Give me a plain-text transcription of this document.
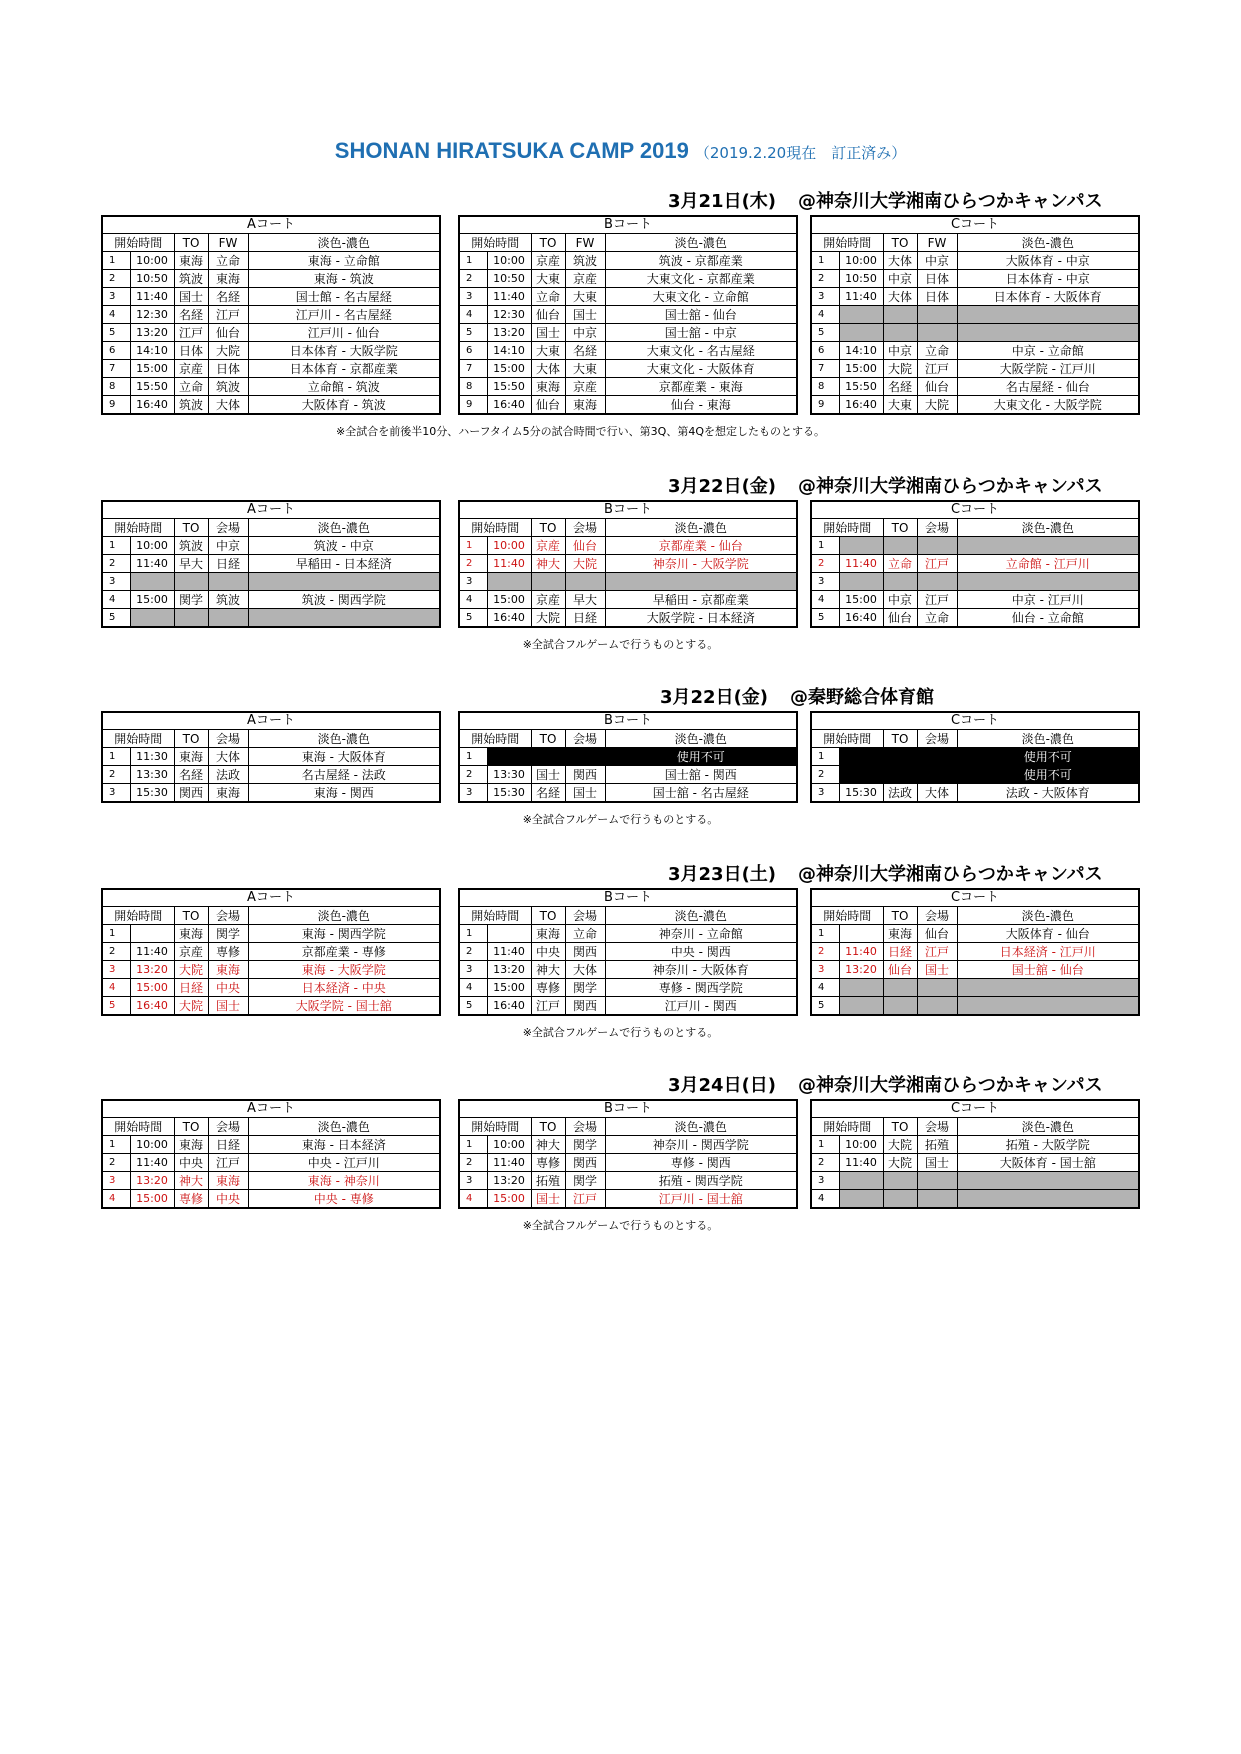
SHONAN HIRATSUKA CAMP 2019 （2019.2.20現在　訂正済み）
3月21日(木) @神奈川大学湘南ひらつかキャンパス
Aコート				
開始時間		TO	FW	淡色-濃色
1	10:00	東海	立命	東海 - 立命館
2	10:50	筑波	東海	東海 - 筑波
3	11:40	国士	名経	国士館 - 名古屋経
4	12:30	名経	江戸	江戸川 - 名古屋経
5	13:20	江戸	仙台	江戸川 - 仙台
6	14:10	日体	大院	日本体育 - 大阪学院
7	15:00	京産	日体	日本体育 - 京都産業
8	15:50	立命	筑波	立命館 - 筑波
9	16:40	筑波	大体	大阪体育 - 筑波
Bコート				
開始時間		TO	FW	淡色-濃色
1	10:00	京産	筑波	筑波 - 京都産業
2	10:50	大東	京産	大東文化 - 京都産業
3	11:40	立命	大東	大東文化 - 立命館
4	12:30	仙台	国士	国士舘 - 仙台
5	13:20	国士	中京	国士舘 - 中京
6	14:10	大東	名経	大東文化 - 名古屋経
7	15:00	大体	大東	大東文化 - 大阪体育
8	15:50	東海	京産	京都産業 - 東海
9	16:40	仙台	東海	仙台 - 東海
Cコート				
開始時間		TO	FW	淡色-濃色
1	10:00	大体	中京	大阪体育 - 中京
2	10:50	中京	日体	日本体育 - 中京
3	11:40	大体	日体	日本体育 - 大阪体育
4				
5				
6	14:10	中京	立命	中京 - 立命館
7	15:00	大院	江戸	大阪学院 - 江戸川
8	15:50	名経	仙台	名古屋経 - 仙台
9	16:40	大東	大院	大東文化 - 大阪学院
※全試合を前後半10分、ハーフタイム5分の試合時間で行い、第3Q、第4Qを想定したものとする。
3月22日(金) @神奈川大学湘南ひらつかキャンパス
Aコート				
開始時間		TO	会場	淡色-濃色
1	10:00	筑波	中京	筑波 - 中京
2	11:40	早大	日経	早稲田 - 日本経済
3				
4	15:00	関学	筑波	筑波 - 関西学院
5				
Bコート				
開始時間		TO	会場	淡色-濃色
1	10:00	京産	仙台	京都産業 - 仙台
2	11:40	神大	大院	神奈川 - 大阪学院
3				
4	15:00	京産	早大	早稲田 - 京都産業
5	16:40	大院	日経	大阪学院 - 日本経済
Cコート				
開始時間		TO	会場	淡色-濃色
1				
2	11:40	立命	江戸	立命館 - 江戸川
3				
4	15:00	中京	江戸	中京 - 江戸川
5	16:40	仙台	立命	仙台 - 立命館
※全試合フルゲームで行うものとする。
3月22日(金) @秦野総合体育館
Aコート				
開始時間		TO	会場	淡色-濃色
1	11:30	東海	大体	東海 - 大阪体育
2	13:30	名経	法政	名古屋経 - 法政
3	15:30	関西	東海	東海 - 関西
Bコート				
開始時間		TO	会場	淡色-濃色
1				使用不可
2	13:30	国士	関西	国士舘 - 関西
3	15:30	名経	国士	国士舘 - 名古屋経
Cコート				
開始時間		TO	会場	淡色-濃色
1				使用不可
2				使用不可
3	15:30	法政	大体	法政 - 大阪体育
※全試合フルゲームで行うものとする。
3月23日(土) @神奈川大学湘南ひらつかキャンパス
Aコート				
開始時間		TO	会場	淡色-濃色
1		東海	関学	東海 - 関西学院
2	11:40	京産	専修	京都産業 - 専修
3	13:20	大院	東海	東海 - 大阪学院
4	15:00	日経	中央	日本経済 - 中央
5	16:40	大院	国士	大阪学院 - 国士舘
Bコート				
開始時間		TO	会場	淡色-濃色
1		東海	立命	神奈川 - 立命館
2	11:40	中央	関西	中央 - 関西
3	13:20	神大	大体	神奈川 - 大阪体育
4	15:00	専修	関学	専修 - 関西学院
5	16:40	江戸	関西	江戸川 - 関西
Cコート				
開始時間		TO	会場	淡色-濃色
1		東海	仙台	大阪体育 - 仙台
2	11:40	日経	江戸	日本経済 - 江戸川
3	13:20	仙台	国士	国士舘 - 仙台
4				
5				
※全試合フルゲームで行うものとする。
3月24日(日) @神奈川大学湘南ひらつかキャンパス
Aコート				
開始時間		TO	会場	淡色-濃色
1	10:00	東海	日経	東海 - 日本経済
2	11:40	中央	江戸	中央 - 江戸川
3	13:20	神大	東海	東海 - 神奈川
4	15:00	専修	中央	中央 - 専修
Bコート				
開始時間		TO	会場	淡色-濃色
1	10:00	神大	関学	神奈川 - 関西学院
2	11:40	専修	関西	専修 - 関西
3	13:20	拓殖	関学	拓殖 - 関西学院
4	15:00	国士	江戸	江戸川 - 国士舘
Cコート				
開始時間		TO	会場	淡色-濃色
1	10:00	大院	拓殖	拓殖 - 大阪学院
2	11:40	大院	国士	大阪体育 - 国士舘
3				
4				
※全試合フルゲームで行うものとする。
